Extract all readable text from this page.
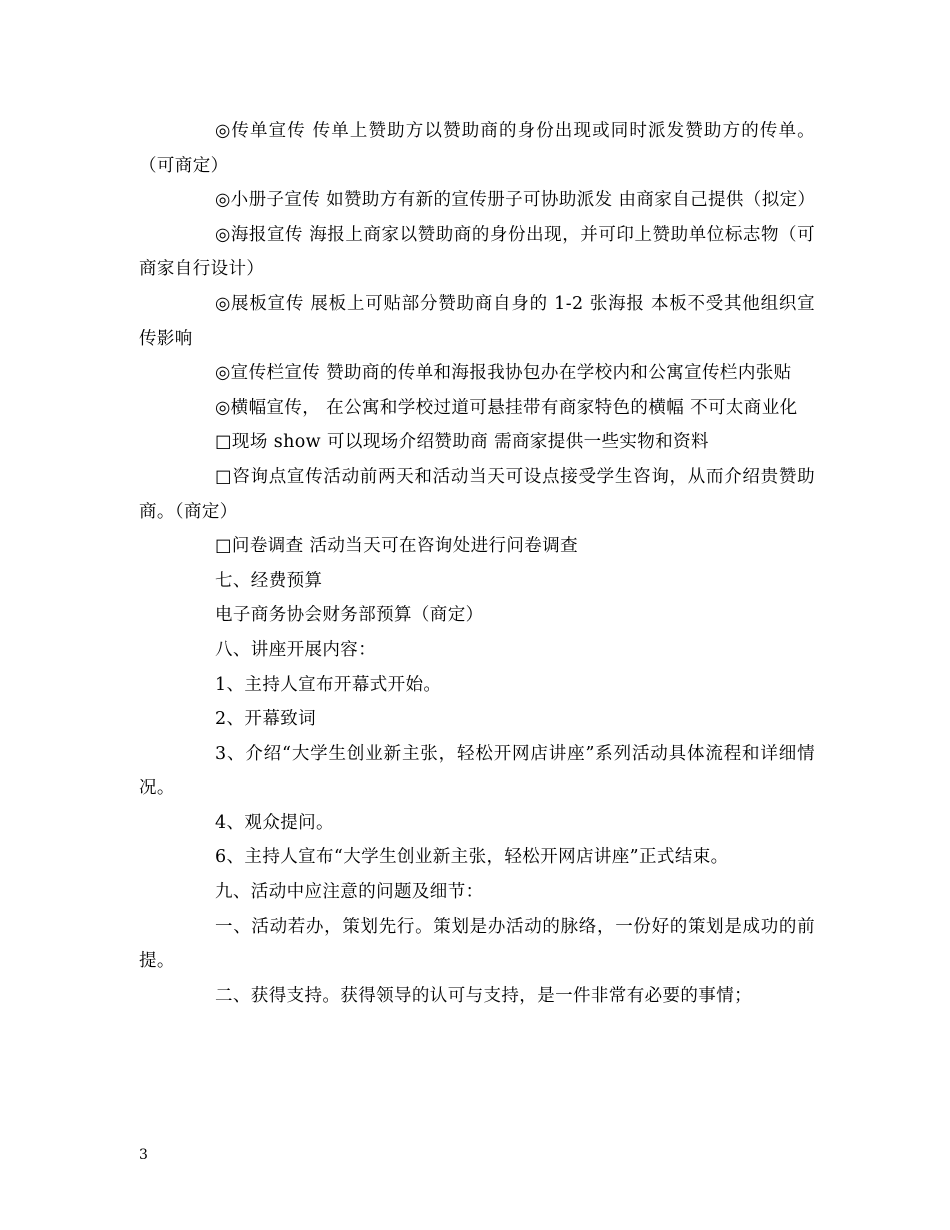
◎传单宣传 传单上赞助方以赞助商的身份出现或同时派发赞助方的传单。（可商定）

◎小册子宣传 如赞助方有新的宣传册子可协助派发 由商家自己提供（拟定）

◎海报宣传 海报上商家以赞助商的身份出现，并可印上赞助单位标志物（可商家自行设计）

◎展板宣传 展板上可贴部分赞助商自身的 1-2 张海报 本板不受其他组织宣传影响

◎宣传栏宣传 赞助商的传单和海报我协包办在学校内和公寓宣传栏内张贴

◎横幅宣传， 在公寓和学校过道可悬挂带有商家特色的横幅 不可太商业化

□现场 show 可以现场介绍赞助商 需商家提供一些实物和资料

□咨询点宣传活动前两天和活动当天可设点接受学生咨询，从而介绍贵赞助商。（商定）

□问卷调查 活动当天可在咨询处进行问卷调查

七、经费预算

电子商务协会财务部预算（商定）

八、讲座开展内容：

1、主持人宣布开幕式开始。

2、开幕致词

3、介绍“大学生创业新主张，轻松开网店讲座”系列活动具体流程和详细情况。

4、观众提问。

6、主持人宣布“大学生创业新主张，轻松开网店讲座”正式结束。

九、活动中应注意的问题及细节：

一、活动若办，策划先行。策划是办活动的脉络，一份好的策划是成功的前提。

二、获得支持。获得领导的认可与支持，是一件非常有必要的事情；

3
